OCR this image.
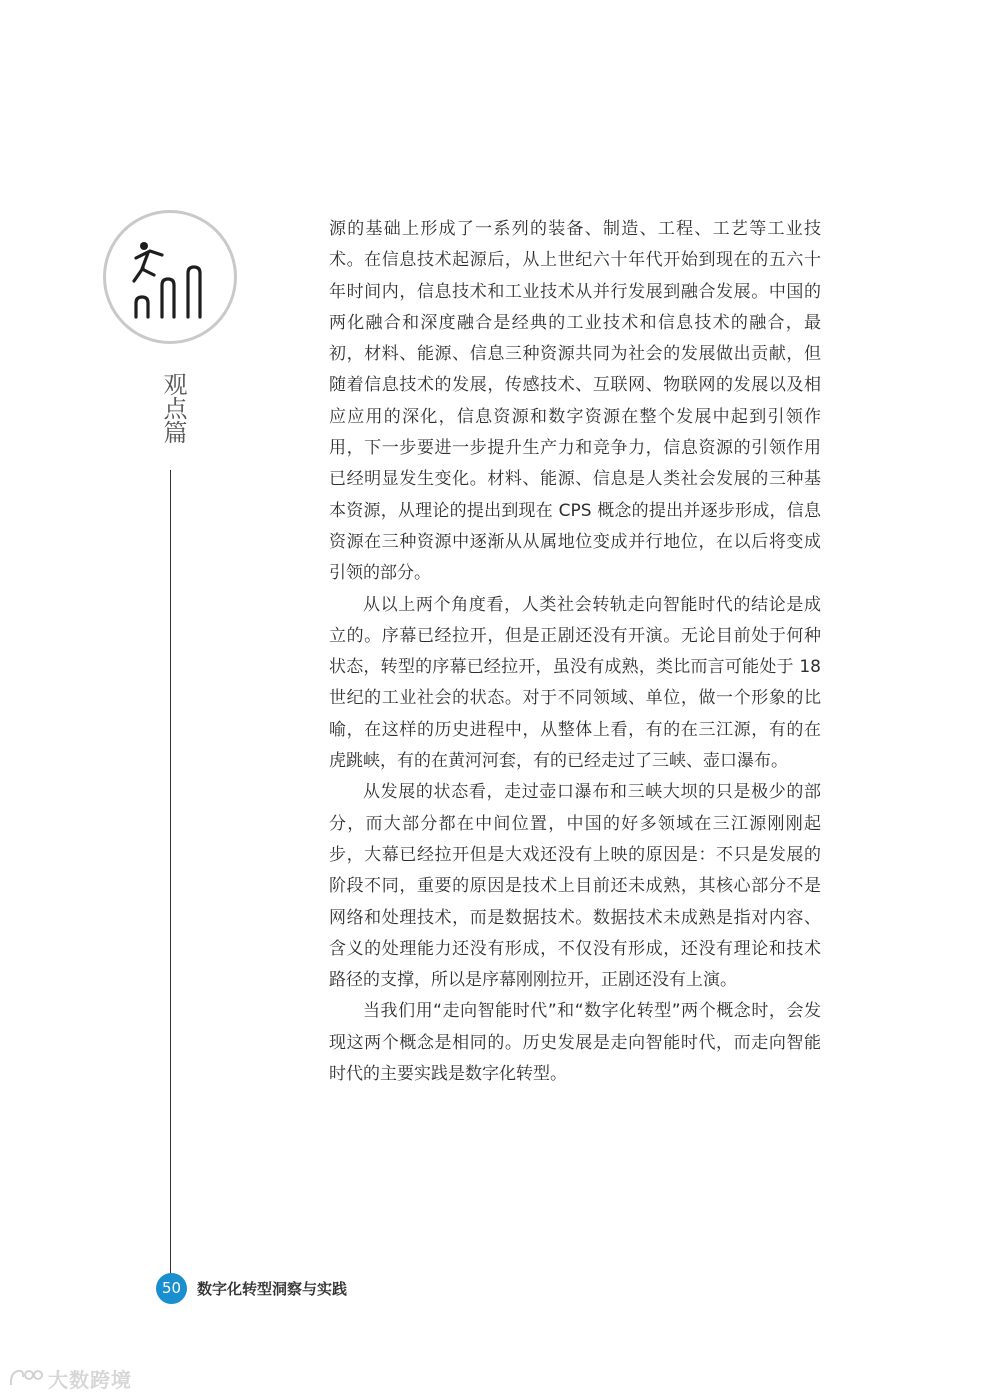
观点篇

源的基础上形成了一系列的装备、制造、工程、工艺等工业技术。在信息技术起源后，从上世纪六十年代开始到现在的五六十年时间内，信息技术和工业技术从并行发展到融合发展。中国的两化融合和深度融合是经典的工业技术和信息技术的融合，最初，材料、能源、信息三种资源共同为社会的发展做出贡献，但随着信息技术的发展，传感技术、互联网、物联网的发展以及相应应用的深化，信息资源和数字资源在整个发展中起到引领作用，下一步要进一步提升生产力和竞争力，信息资源的引领作用已经明显发生变化。材料、能源、信息是人类社会发展的三种基本资源，从理论的提出到现在 CPS 概念的提出并逐步形成，信息资源在三种资源中逐渐从从属地位变成并行地位，在以后将变成引领的部分。

从以上两个角度看，人类社会转轨走向智能时代的结论是成立的。序幕已经拉开，但是正剧还没有开演。无论目前处于何种状态，转型的序幕已经拉开，虽没有成熟，类比而言可能处于 18 世纪的工业社会的状态。对于不同领域、单位，做一个形象的比喻，在这样的历史进程中，从整体上看，有的在三江源，有的在虎跳峡，有的在黄河河套，有的已经走过了三峡、壶口瀑布。

从发展的状态看，走过壶口瀑布和三峡大坝的只是极少的部分，而大部分都在中间位置，中国的好多领域在三江源刚刚起步，大幕已经拉开但是大戏还没有上映的原因是：不只是发展的阶段不同，重要的原因是技术上目前还未成熟，其核心部分不是网络和处理技术，而是数据技术。数据技术未成熟是指对内容、含义的处理能力还没有形成，不仅没有形成，还没有理论和技术路径的支撑，所以是序幕刚刚拉开，正剧还没有上演。

当我们用“走向智能时代”和“数字化转型”两个概念时，会发现这两个概念是相同的。历史发展是走向智能时代，而走向智能时代的主要实践是数字化转型。

50	数字化转型洞察与实践
大数跨境
